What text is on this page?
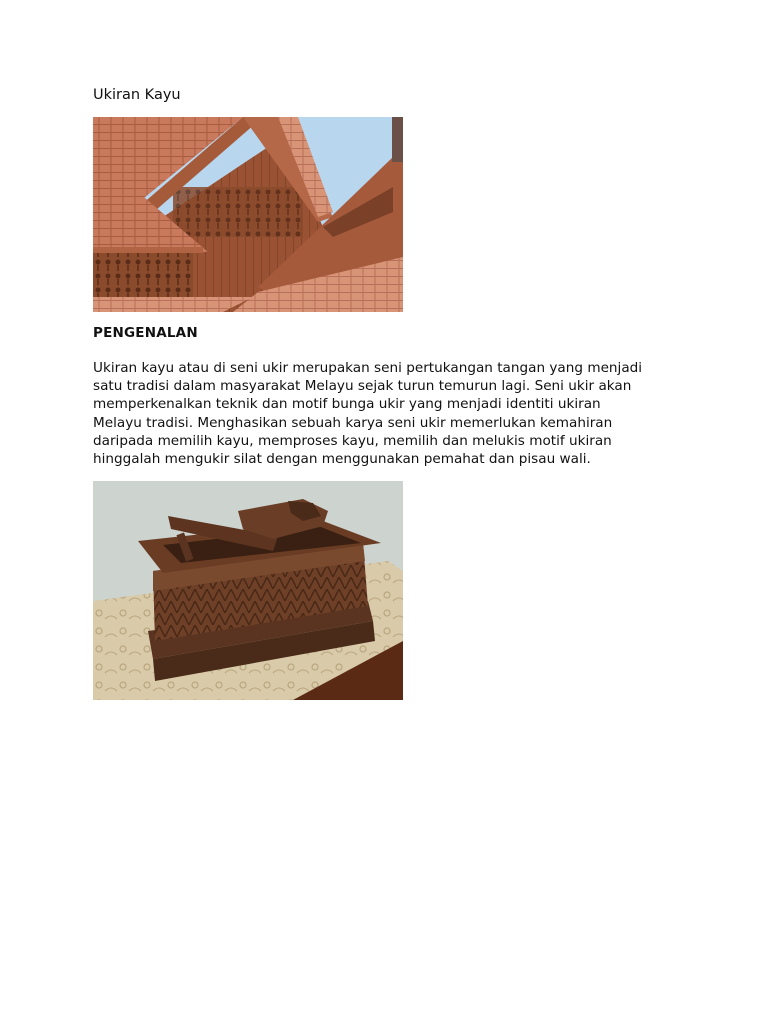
Ukiran Kayu

PENGENALAN

Ukiran kayu atau di seni ukir merupakan seni pertukangan tangan yang menjadi
satu tradisi dalam masyarakat Melayu sejak turun temurun lagi. Seni ukir akan
memperkenalkan teknik dan motif bunga ukir yang menjadi identiti ukiran
Melayu tradisi. Menghasikan sebuah karya seni ukir memerlukan kemahiran
daripada memilih kayu, memproses kayu, memilih dan melukis motif ukiran
hinggalah mengukir silat dengan menggunakan pemahat dan pisau wali.
